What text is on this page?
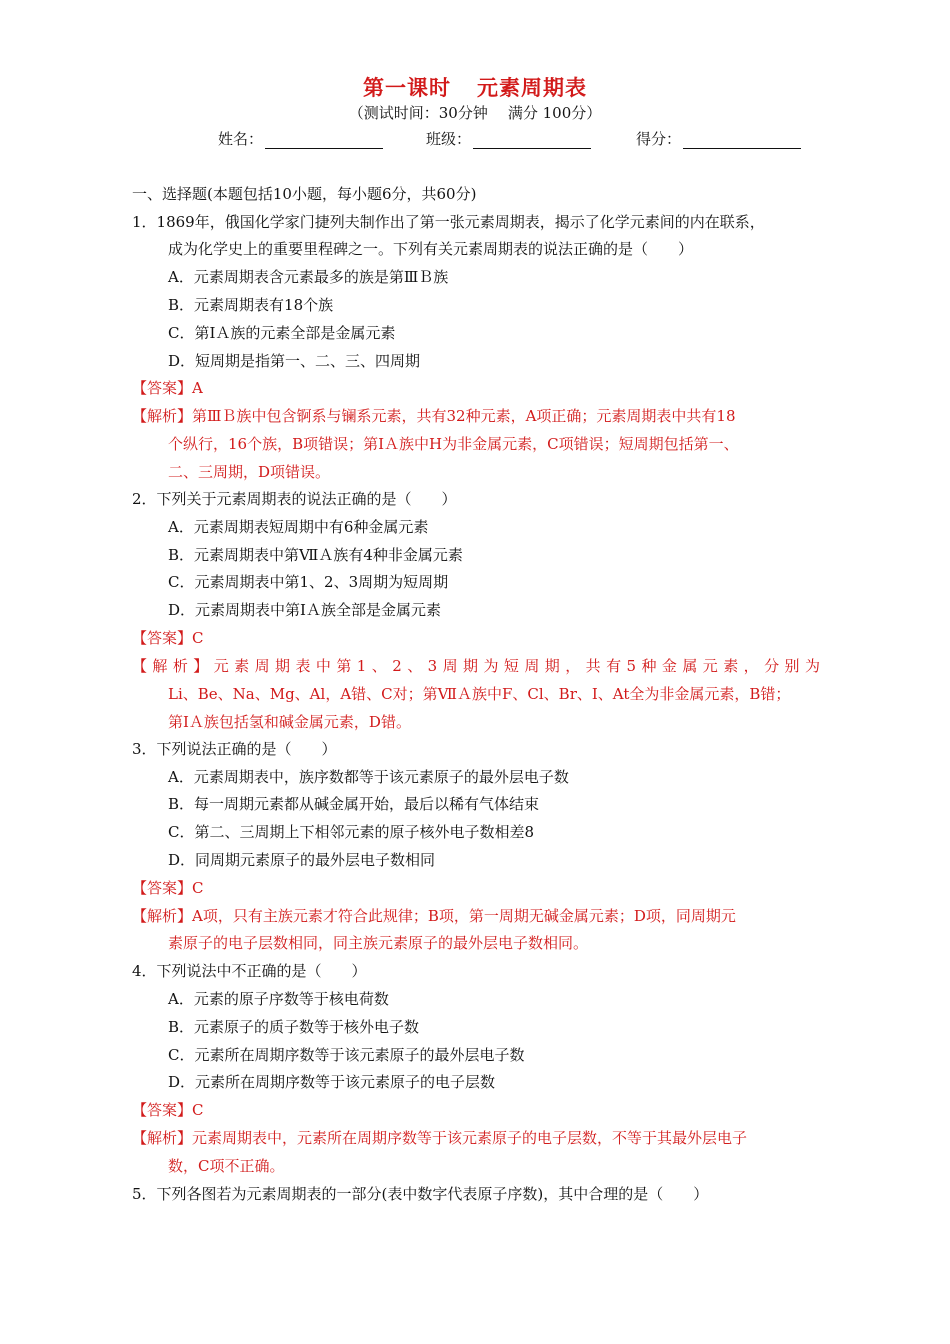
第一课时 元素周期表
（测试时间：30分钟 满分 100分）
姓名：	班级：	得分：
一、选择题(本题包括10小题，每小题6分，共60分)
1．1869年，俄国化学家门捷列夫制作出了第一张元素周期表，揭示了化学元素间的内在联系，
成为化学史上的重要里程碑之一。下列有关元素周期表的说法正确的是（　　）
A．元素周期表含元素最多的族是第ⅢＢ族
B．元素周期表有18个族
C．第ⅠＡ族的元素全部是金属元素
D．短周期是指第一、二、三、四周期
【答案】A
【解析】第ⅢＢ族中包含锕系与镧系元素，共有32种元素，A项正确；元素周期表中共有18
个纵行，16个族，B项错误；第ⅠＡ族中H为非金属元素，C项错误；短周期包括第一、
二、三周期，D项错误。
2．下列关于元素周期表的说法正确的是（　　）
A．元素周期表短周期中有6种金属元素
B．元素周期表中第ⅦＡ族有4种非金属元素
C．元素周期表中第1、2、3周期为短周期
D．元素周期表中第ⅠＡ族全部是金属元素
【答案】C
【解析】元素周期表中第1、2、3周期为短周期，共有5种金属元素，分别为
Li、Be、Na、Mg、Al，A错、C对；第ⅦＡ族中F、Cl、Br、I、At全为非金属元素，B错；
第ⅠＡ族包括氢和碱金属元素，D错。
3．下列说法正确的是（　　）
A．元素周期表中，族序数都等于该元素原子的最外层电子数
B．每一周期元素都从碱金属开始，最后以稀有气体结束
C．第二、三周期上下相邻元素的原子核外电子数相差8
D．同周期元素原子的最外层电子数相同
【答案】C
【解析】A项，只有主族元素才符合此规律；B项，第一周期无碱金属元素；D项，同周期元
素原子的电子层数相同，同主族元素原子的最外层电子数相同。
4．下列说法中不正确的是（　　）
A．元素的原子序数等于核电荷数
B．元素原子的质子数等于核外电子数
C．元素所在周期序数等于该元素原子的最外层电子数
D．元素所在周期序数等于该元素原子的电子层数
【答案】C
【解析】元素周期表中，元素所在周期序数等于该元素原子的电子层数，不等于其最外层电子
数，C项不正确。
5．下列各图若为元素周期表的一部分(表中数字代表原子序数)，其中合理的是（　　）
